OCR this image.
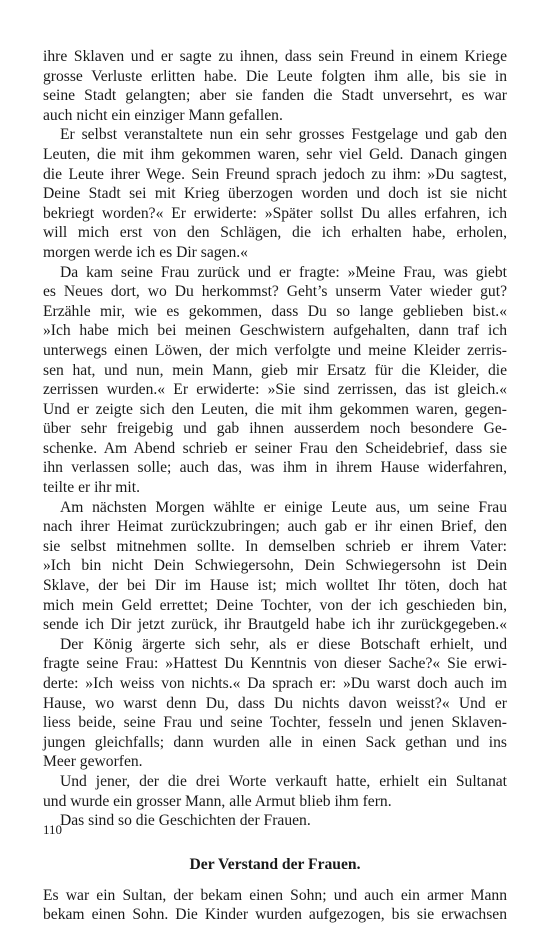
ihre Sklaven und er sagte zu ihnen, dass sein Freund in einem Kriege
grosse Verluste erlitten habe. Die Leute folgten ihm alle, bis sie in
seine Stadt gelangten; aber sie fanden die Stadt unversehrt, es war
auch nicht ein einziger Mann gefallen.
Er selbst veranstaltete nun ein sehr grosses Festgelage und gab den
Leuten, die mit ihm gekommen waren, sehr viel Geld. Danach gingen
die Leute ihrer Wege. Sein Freund sprach jedoch zu ihm: »Du sagtest,
Deine Stadt sei mit Krieg überzogen worden und doch ist sie nicht
bekriegt worden?« Er erwiderte: »Später sollst Du alles erfahren, ich
will mich erst von den Schlägen, die ich erhalten habe, erholen,
morgen werde ich es Dir sagen.«
Da kam seine Frau zurück und er fragte: »Meine Frau, was giebt
es Neues dort, wo Du herkommst? Geht’s unserm Vater wieder gut?
Erzähle mir, wie es gekommen, dass Du so lange geblieben bist.«
»Ich habe mich bei meinen Geschwistern aufgehalten, dann traf ich
unterwegs einen Löwen, der mich verfolgte und meine Kleider zerris-
sen hat, und nun, mein Mann, gieb mir Ersatz für die Kleider, die
zerrissen wurden.« Er erwiderte: »Sie sind zerrissen, das ist gleich.«
Und er zeigte sich den Leuten, die mit ihm gekommen waren, gegen-
über sehr freigebig und gab ihnen ausserdem noch besondere Ge-
schenke. Am Abend schrieb er seiner Frau den Scheidebrief, dass sie
ihn verlassen solle; auch das, was ihm in ihrem Hause widerfahren,
teilte er ihr mit.
Am nächsten Morgen wählte er einige Leute aus, um seine Frau
nach ihrer Heimat zurückzubringen; auch gab er ihr einen Brief, den
sie selbst mitnehmen sollte. In demselben schrieb er ihrem Vater:
»Ich bin nicht Dein Schwiegersohn, Dein Schwiegersohn ist Dein
Sklave, der bei Dir im Hause ist; mich wolltet Ihr töten, doch hat
mich mein Geld errettet; Deine Tochter, von der ich geschieden bin,
sende ich Dir jetzt zurück, ihr Brautgeld habe ich ihr zurückgegeben.«
Der König ärgerte sich sehr, als er diese Botschaft erhielt, und
fragte seine Frau: »Hattest Du Kenntnis von dieser Sache?« Sie erwi-
derte: »Ich weiss von nichts.« Da sprach er: »Du warst doch auch im
Hause, wo warst denn Du, dass Du nichts davon weisst?« Und er
liess beide, seine Frau und seine Tochter, fesseln und jenen Sklaven-
jungen gleichfalls; dann wurden alle in einen Sack gethan und ins
Meer geworfen.
Und jener, der die drei Worte verkauft hatte, erhielt ein Sultanat
und wurde ein grosser Mann, alle Armut blieb ihm fern.
Das sind so die Geschichten der Frauen.
Der Verstand der Frauen.
Es war ein Sultan, der bekam einen Sohn; und auch ein armer Mann
bekam einen Sohn. Die Kinder wurden aufgezogen, bis sie erwachsen
110
